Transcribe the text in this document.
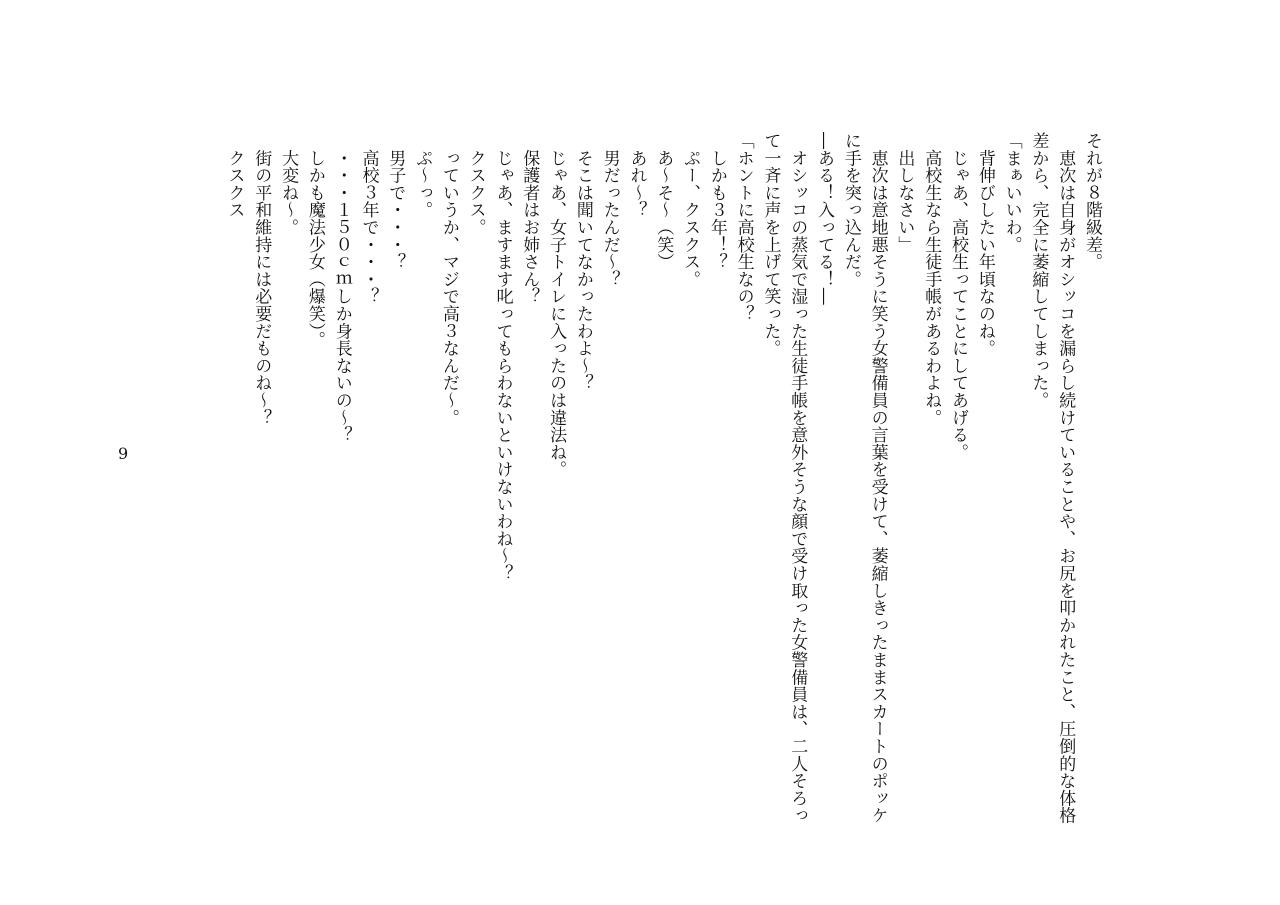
それが８階級差。
　恵次は自身がオシッコを漏らし続けていることや、お尻を叩かれたこと、圧倒的な体格
差から、完全に萎縮してしまった。
「まぁいいわ。
　背伸びしたい年頃なのね。
　じゃあ、高校生ってことにしてあげる。
　高校生なら生徒手帳があるわよね。
　出しなさい」
　恵次は意地悪そうに笑う女警備員の言葉を受けて、萎縮しきったままスカートのポッケ
に手を突っ込んだ。
―ある！入ってる！―
　オシッコの蒸気で湿った生徒手帳を意外そうな顔で受け取った女警備員は、二人そろっ
て一斉に声を上げて笑った。
「ホントに高校生なの？
　しかも３年！？
　ぷー、クスクス。
　あ～そ～（笑）
　あれ～？
　男だったんだ～？
　そこは聞いてなかったわよ～？
　じゃあ、女子トイレに入ったのは違法ね。
　保護者はお姉さん？
　じゃあ、ますます叱ってもらわないといけないわね～？
　クスクス。
　っていうか、マジで高３なんだ～。
　ぷ～っ。
　男子で・・・？
　高校３年で・・・？
　・・・１５０ｃｍしか身長ないの～？
　しかも魔法少女（爆笑）。
　大変ね～。
　街の平和維持には必要だものね～？
　クスクス
9
